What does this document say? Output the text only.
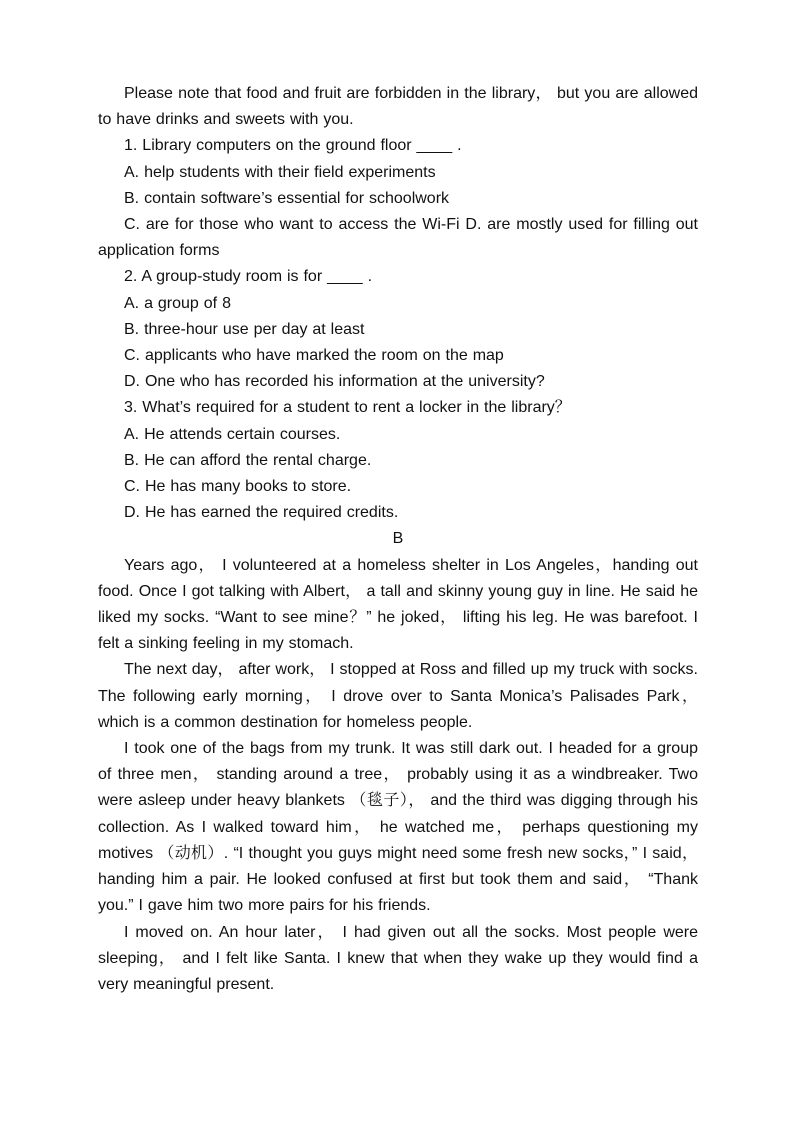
Please note that food and fruit are forbidden in the library， but you are allowed to have drinks and sweets with you.

1. Library computers on the ground floor ____ .

A. help students with their field experiments

B. contain software’s essential for schoolwork

C. are for those who want to access the Wi-Fi D. are mostly used for filling out application forms

2. A group-study room is for ____ .

A. a group of 8

B. three-hour use per day at least

C. applicants who have marked the room on the map

D. One who has recorded his information at the university?

3. What’s required for a student to rent a locker in the library？

A. He attends certain courses.

B. He can afford the rental charge.

C. He has many books to store.

D. He has earned the required credits.

B

Years ago， I volunteered at a homeless shelter in Los Angeles，handing out food. Once I got talking with Albert， a tall and skinny young guy in line. He said he liked my socks. “Want to see mine？” he joked， lifting his leg. He was barefoot. I felt a sinking feeling in my stomach.

The next day， after work， I stopped at Ross and filled up my truck with socks. The following early morning， I drove over to Santa Monica’s Palisades Park， which is a common destination for homeless people.

I took one of the bags from my trunk. It was still dark out. I headed for a group of three men， standing around a tree， probably using it as a windbreaker. Two were asleep under heavy blankets （毯子）， and the third was digging through his collection. As I walked toward him， he watched me， perhaps questioning my motives （动机）. “I thought you guys might need some fresh new socks，” I said， handing him a pair. He looked confused at first but took them and said， “Thank you.” I gave him two more pairs for his friends.

I moved on. An hour later， I had given out all the socks. Most people were sleeping， and I felt like Santa. I knew that when they wake up they would find a very meaningful present.
